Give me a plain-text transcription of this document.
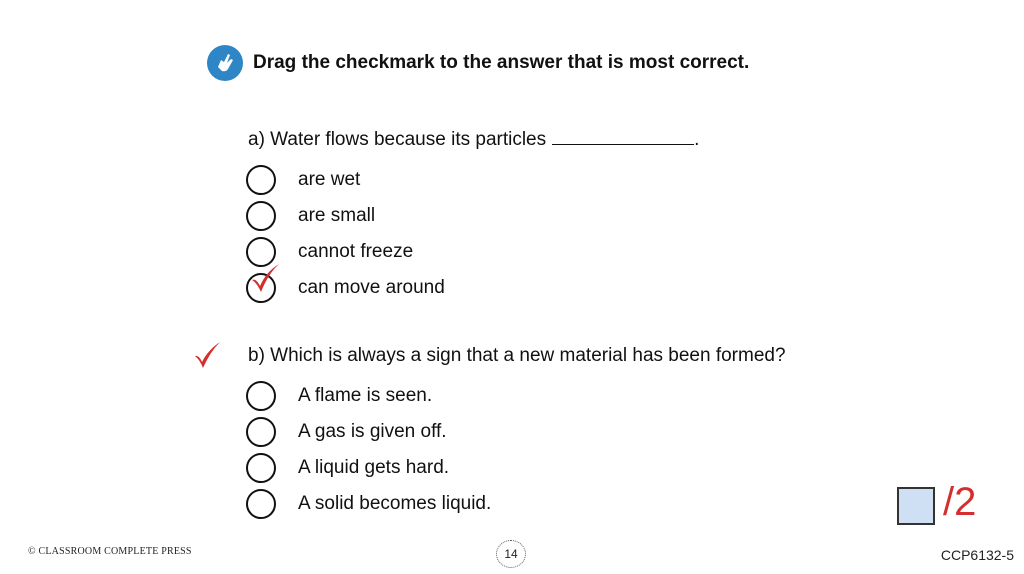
Drag the checkmark to the answer that is most correct.
a) Water flows because its particles	.
are wet
are small
cannot freeze
can move around
b) Which is always a sign that a new material has been formed?
A flame is seen.
A gas is given off.
A liquid gets hard.
A solid becomes liquid.	/2
© CLASSROOM COMPLETE PRESS	14	CCP6132-5
